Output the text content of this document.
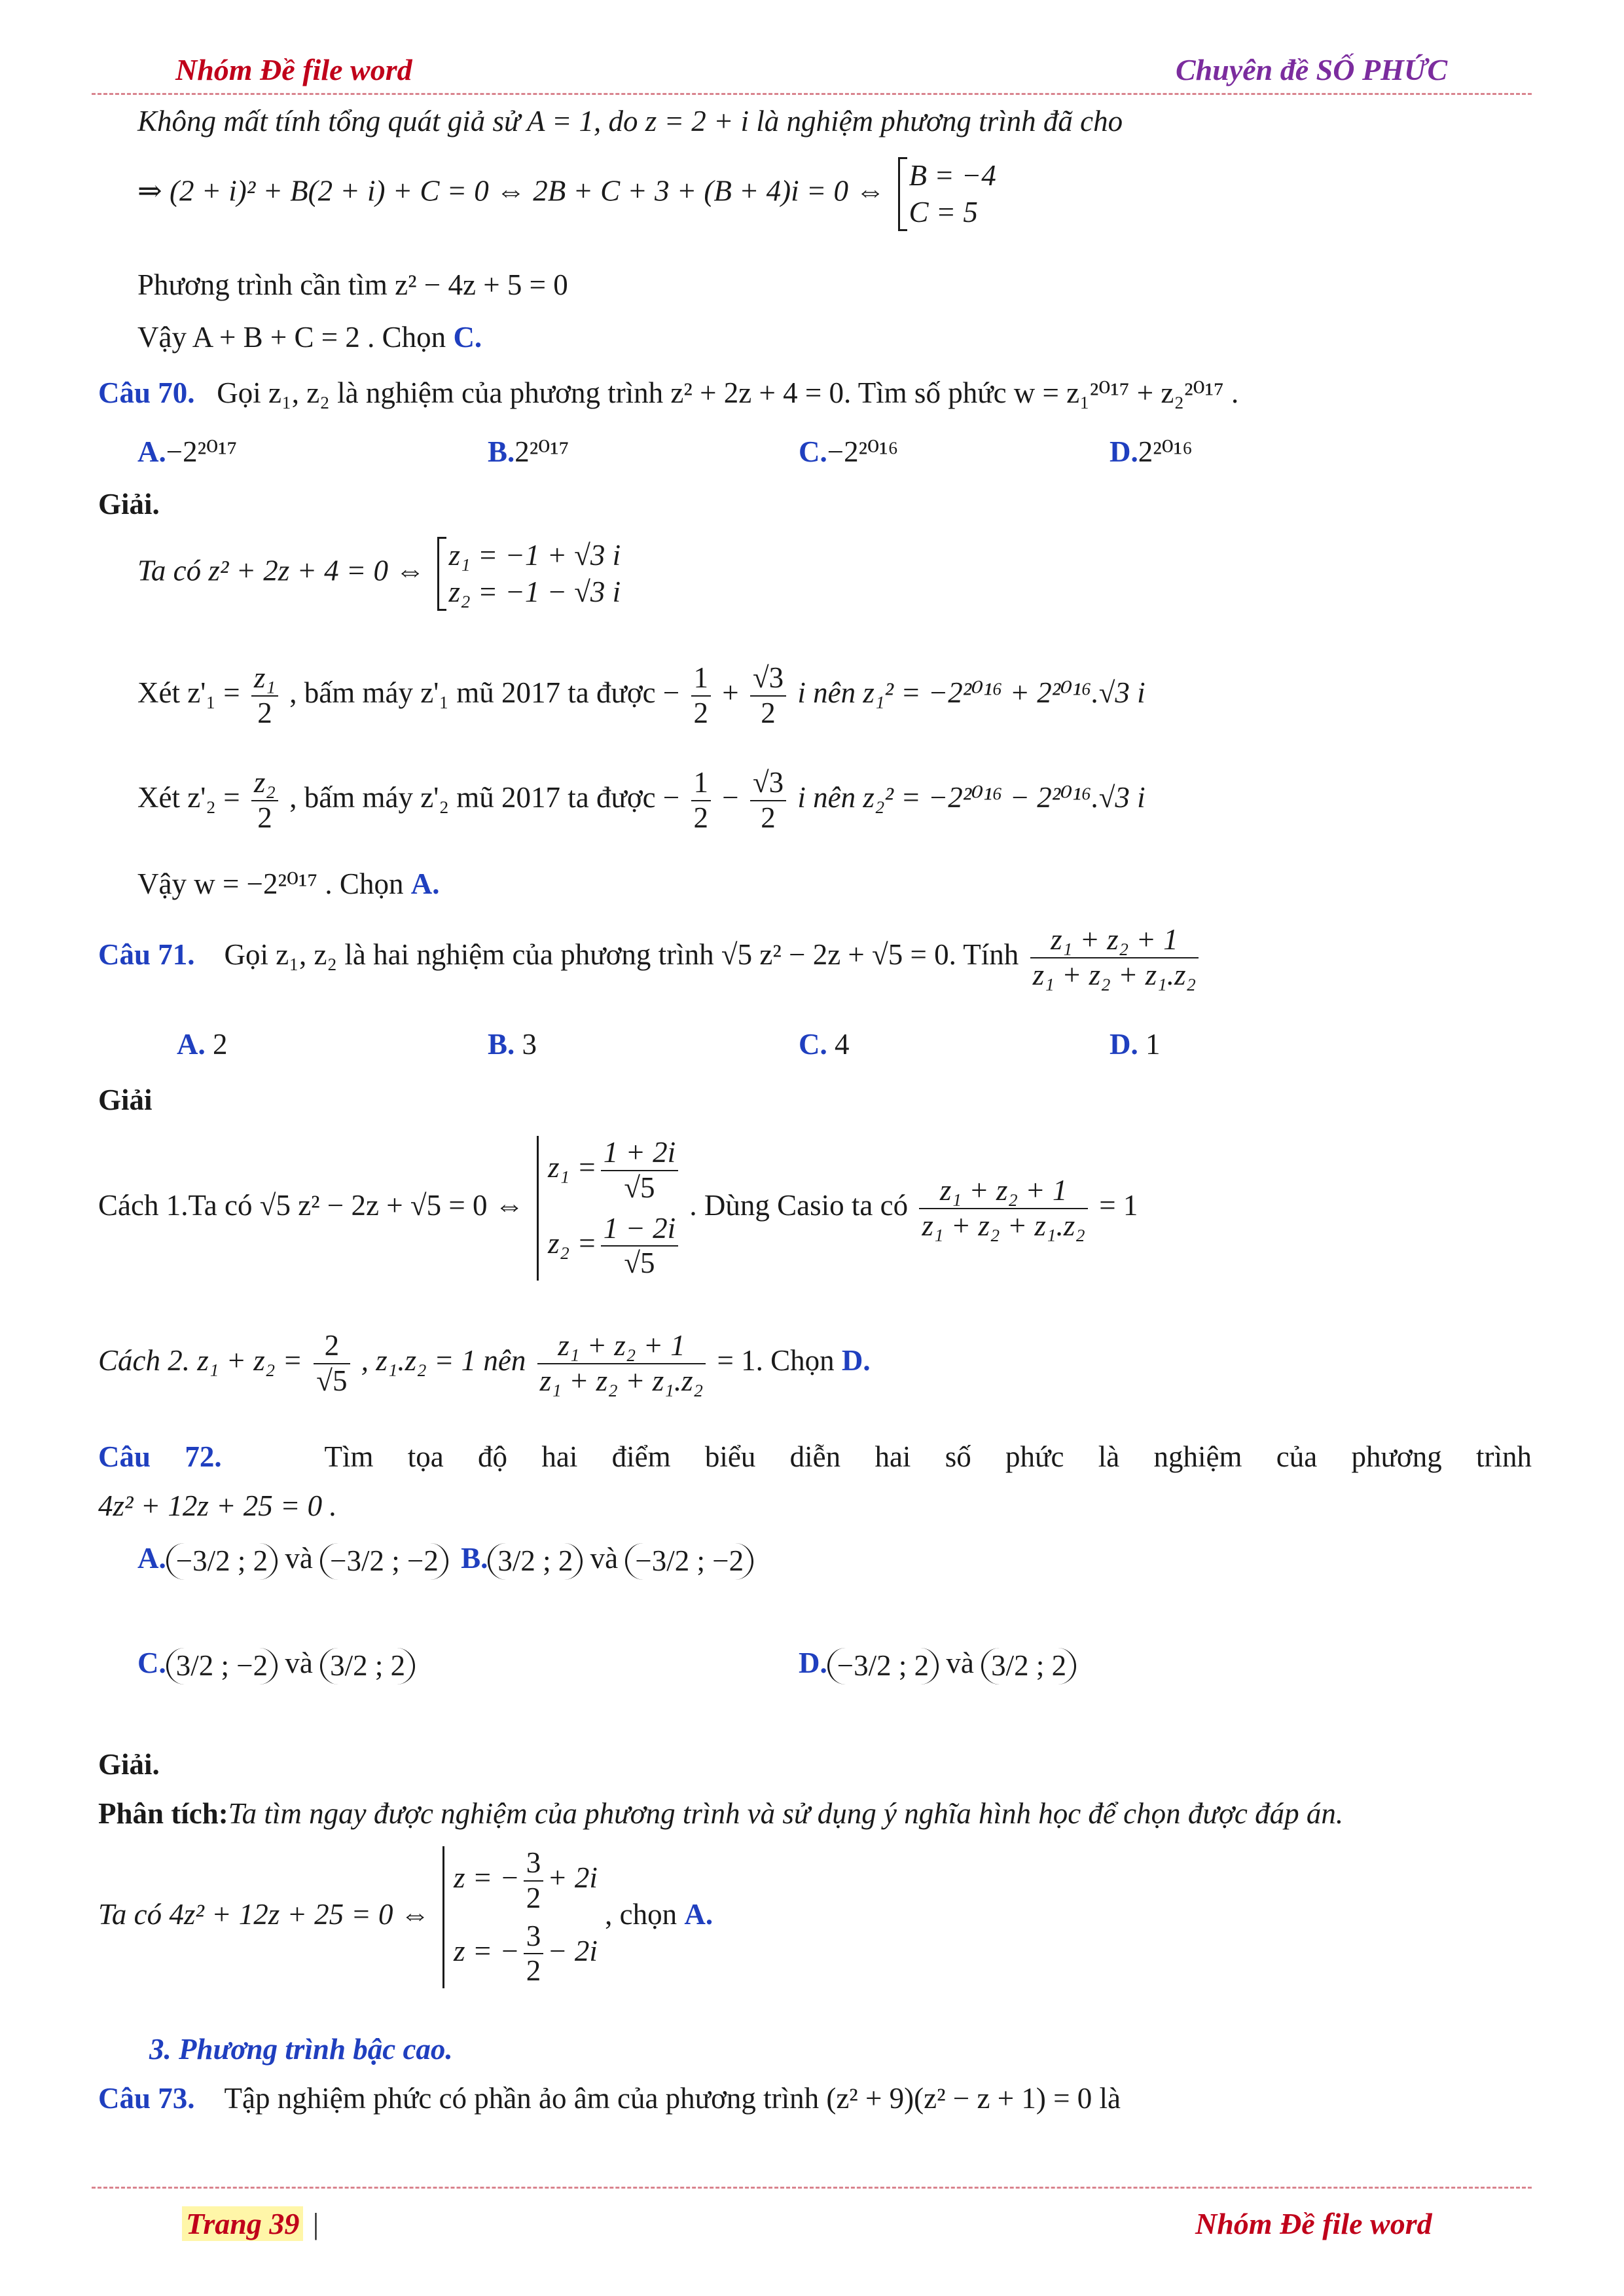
Nhóm Đề file word	Chuyên đề SỐ PHỨC
Không mất tính tổng quát giả sử A = 1, do z = 2 + i là nghiệm phương trình đã cho
⇒ (2 + i)² + B(2 + i) + C = 0 ⇔ 2B + C + 3 + (B + 4)i = 0 ⇔ B = −4
C = 5
Phương trình cần tìm z² − 4z + 5 = 0
Vậy A + B + C = 2 . Chọn C.
Câu 70. Gọi z₁, z₂ là nghiệm của phương trình z² + 2z + 4 = 0. Tìm số phức w = z₁²⁰¹⁷ + z₂²⁰¹⁷ .
A.−2²⁰¹⁷	B.2²⁰¹⁷	C.−2²⁰¹⁶	D.2²⁰¹⁶
Giải.
Ta có z² + 2z + 4 = 0 ⇔ z₁ = −1 + √3 i
z₂ = −1 − √3 i
Xét $z'_1 = \frac{\text{z₁}}{2}$ , bấm máy z'₁ mũ 2017 ta được − $\frac{1}{2} + \frac{√3}{2}$ i nên z₁² = −2²⁰¹⁶ + 2²⁰¹⁶.√3 i
Xét $z'_2 = \frac{\text{z₂}}{2}$ , bấm máy z'₂ mũ 2017 ta được − $\frac{1}{2} - \frac{√3}{2}$ i nên z₂² = −2²⁰¹⁶ − 2²⁰¹⁶.√3 i
Vậy w = −2²⁰¹⁷ . Chọn A.
Câu 71. Gọi z₁, z₂ là hai nghiệm của phương trình √5 z² − 2z + √5 = 0. Tính $\frac{\text{z₁ + z₂ + 1}}{\text{z₁ + z₂ + z₁.z₂}}$
A. 2	B. 3	C. 4	D. 1
Giải
Cách 1.Ta có √5 z² − 2z + √5 = 0 ⇔
$z_1 = \frac{1 + 2i}{√5}$
$z_2 = \frac{1 - 2i}{√5}$
. Dùng Casio ta có $\frac{\text{z₁ + z₂ + 1}}{\text{z₁ + z₂ + z₁.z₂}} = 1$
Cách 2. $z_1 + z_2 = \frac{2}{√5}$ , z₁.z₂ = 1 nên $\frac{\text{z₁ + z₂ + 1}}{\text{z₁ + z₂ + z₁.z₂}} = 1$. Chọn D.
Câu 72.	Tìm tọa độ hai điểm biểu diễn hai số phức là nghiệm của phương trình
4z² + 12z + 25 = 0 .
A. −3/2 ; 2 và −3/2 ; −2 B. 3/2 ; 2 và −3/2 ; −2
C. 3/2 ; −2 và 3/2 ; 2	D. −3/2 ; 2 và 3/2 ; 2
Giải.
Phân tích:Ta tìm ngay được nghiệm của phương trình và sử dụng ý nghĩa hình học để chọn được đáp án.
Ta có 4z² + 12z + 25 = 0 ⇔
z = − $\frac{3}{2} + 2i$
z = − $\frac{3}{2} - 2i$
, chọn A.
3. Phương trình bậc cao.
Câu 73. Tập nghiệm phức có phần ảo âm của phương trình (z² + 9)(z² − z + 1) = 0 là
Trang 39 |	Nhóm Đề file word
